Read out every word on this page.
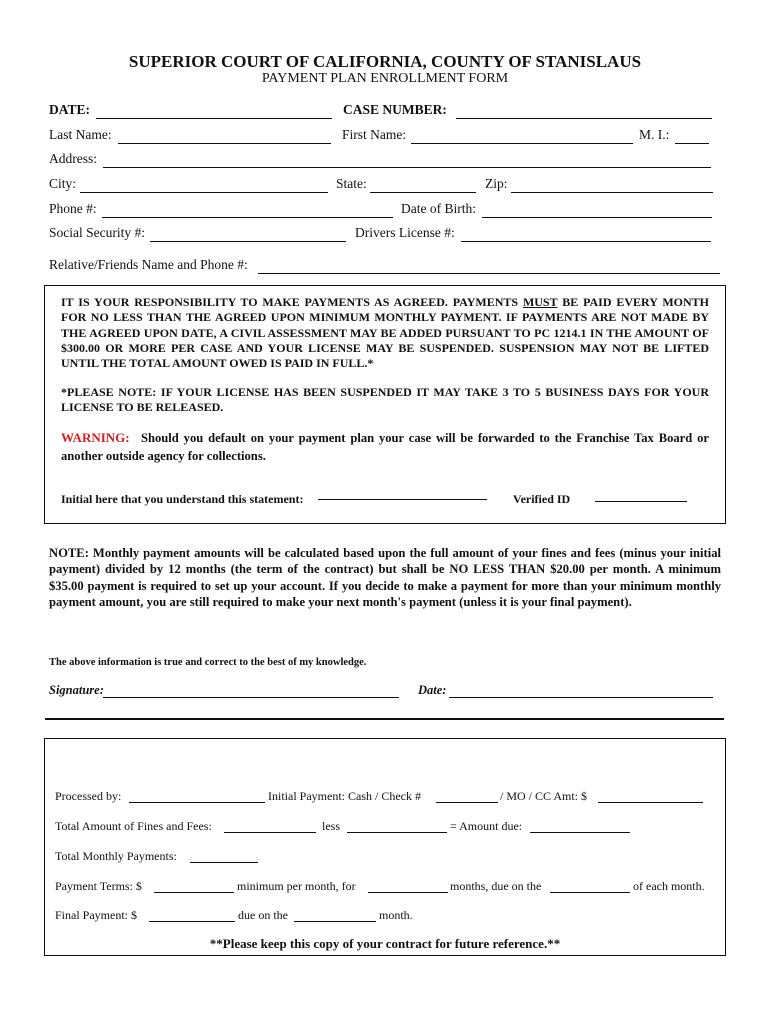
SUPERIOR COURT OF CALIFORNIA, COUNTY OF STANISLAUS
PAYMENT PLAN ENROLLMENT FORM
DATE:	CASE NUMBER:
Last Name:	First Name:	M. I.:
Address:
City:	State:	Zip:
Phone #:	Date of Birth:
Social Security #:	Drivers License #:
Relative/Friends Name and Phone #:
IT IS YOUR RESPONSIBILITY TO MAKE PAYMENTS AS AGREED. PAYMENTS MUST BE PAID EVERY MONTH FOR NO LESS THAN THE AGREED UPON MINIMUM MONTHLY PAYMENT. IF PAYMENTS ARE NOT MADE BY THE AGREED UPON DATE, A CIVIL ASSESSMENT MAY BE ADDED PURSUANT TO PC 1214.1 IN THE AMOUNT OF $300.00 OR MORE PER CASE AND YOUR LICENSE MAY BE SUSPENDED. SUSPENSION MAY NOT BE LIFTED UNTIL THE TOTAL AMOUNT OWED IS PAID IN FULL.*
*PLEASE NOTE: IF YOUR LICENSE HAS BEEN SUSPENDED IT MAY TAKE 3 TO 5 BUSINESS DAYS FOR YOUR LICENSE TO BE RELEASED.
WARNING: Should you default on your payment plan your case will be forwarded to the Franchise Tax Board or another outside agency for collections.
Initial here that you understand this statement:	Verified ID
NOTE: Monthly payment amounts will be calculated based upon the full amount of your fines and fees (minus your initial payment) divided by 12 months (the term of the contract) but shall be NO LESS THAN $20.00 per month. A minimum $35.00 payment is required to set up your account. If you decide to make a payment for more than your minimum monthly payment amount, you are still required to make your next month's payment (unless it is your final payment).
The above information is true and correct to the best of my knowledge.
Signature:	Date:
Processed by:	Initial Payment: Cash / Check #	/ MO / CC Amt: $
Total Amount of Fines and Fees:	less	= Amount due:
Total Monthly Payments:
Payment Terms: $	minimum per month, for	months, due on the	of each month.
Final Payment: $	due on the	month.
**Please keep this copy of your contract for future reference.**
